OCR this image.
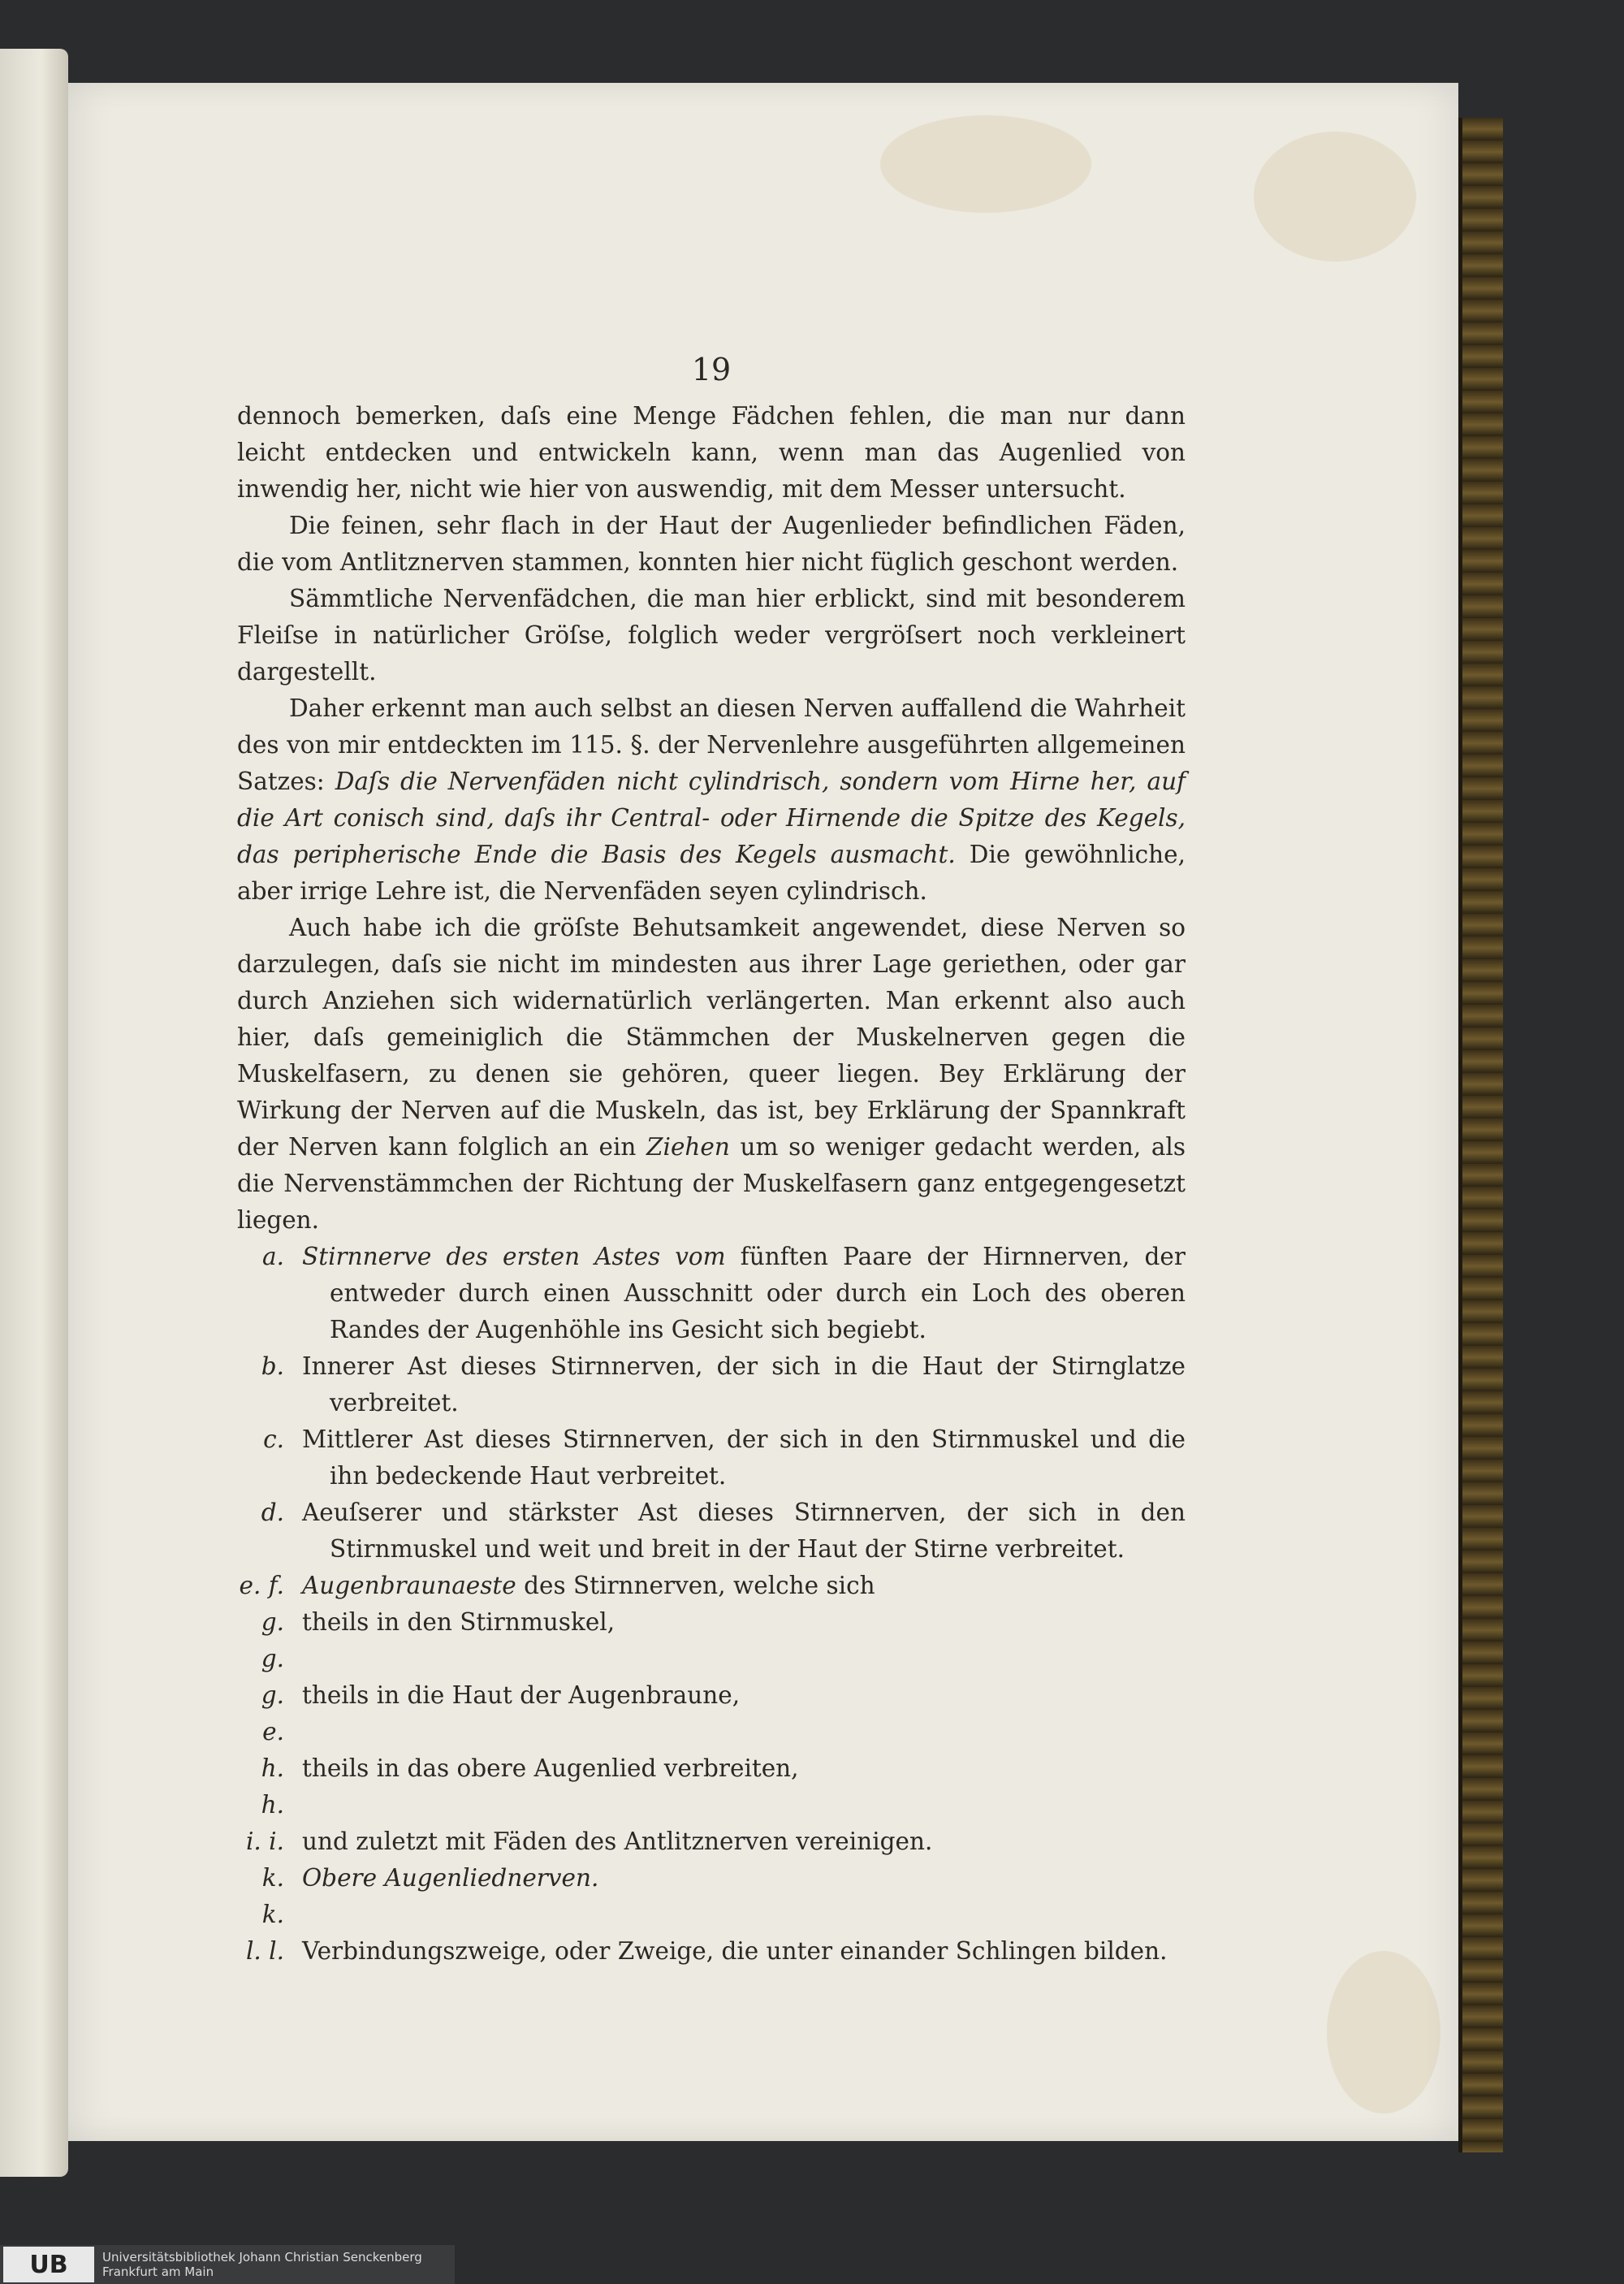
19

dennoch bemerken, daſs eine Menge Fädchen fehlen, die man nur dann leicht entdecken und entwickeln kann, wenn man das Augenlied von inwendig her, nicht wie hier von auswendig, mit dem Messer untersucht.

Die feinen, sehr flach in der Haut der Augenlieder befindlichen Fäden, die vom Antlitznerven stammen, konnten hier nicht füglich geschont werden.

Sämmtliche Nervenfädchen, die man hier erblickt, sind mit besonderem Fleiſse in natürlicher Gröſse, folglich weder vergröſsert noch verkleinert dargestellt.

Daher erkennt man auch selbst an diesen Nerven auffallend die Wahrheit des von mir entdeckten im 115. §. der Nervenlehre ausgeführten allgemeinen Satzes: Daſs die Nervenfäden nicht cylindrisch, sondern vom Hirne her, auf die Art conisch sind, daſs ihr Central- oder Hirnende die Spitze des Kegels, das peripherische Ende die Basis des Kegels ausmacht. Die gewöhnliche, aber irrige Lehre ist, die Nervenfäden seyen cylindrisch.

Auch habe ich die gröſste Behutsamkeit angewendet, diese Nerven so darzulegen, daſs sie nicht im mindesten aus ihrer Lage geriethen, oder gar durch Anziehen sich widernatürlich verlängerten. Man erkennt also auch hier, daſs gemeiniglich die Stämmchen der Muskelnerven gegen die Muskelfasern, zu denen sie gehören, queer liegen. Bey Erklärung der Wirkung der Nerven auf die Muskeln, das ist, bey Erklärung der Spannkraft der Nerven kann folglich an ein Ziehen um so weniger gedacht werden, als die Nervenstämmchen der Richtung der Muskelfasern ganz entgegengesetzt liegen.

a. Stirnnerve des ersten Astes vom fünften Paare der Hirnnerven, der entweder durch einen Ausschnitt oder durch ein Loch des oberen Randes der Augenhöhle ins Gesicht sich begiebt.
b. Innerer Ast dieses Stirnnerven, der sich in die Haut der Stirnglatze verbreitet.
c. Mittlerer Ast dieses Stirnnerven, der sich in den Stirnmuskel und die ihn bedeckende Haut verbreitet.
d. Aeuſserer und stärkster Ast dieses Stirnnerven, der sich in den Stirnmuskel und weit und breit in der Haut der Stirne verbreitet.
e. f. Augenbraunaeste des Stirnnerven, welche sich
g. g.
theils in den Stirnmuskel,
g. e.
theils in die Haut der Augenbraune,
h. h.
theils in das obere Augenlied verbreiten,
i. i. und zuletzt mit Fäden des Antlitznerven vereinigen.
k. k.
Obere Augenliednerven.
l. l. Verbindungszweige, oder Zweige, die unter einander Schlingen bilden.
UB	Universitätsbibliothek Johann Christian Senckenberg
Frankfurt am Main
